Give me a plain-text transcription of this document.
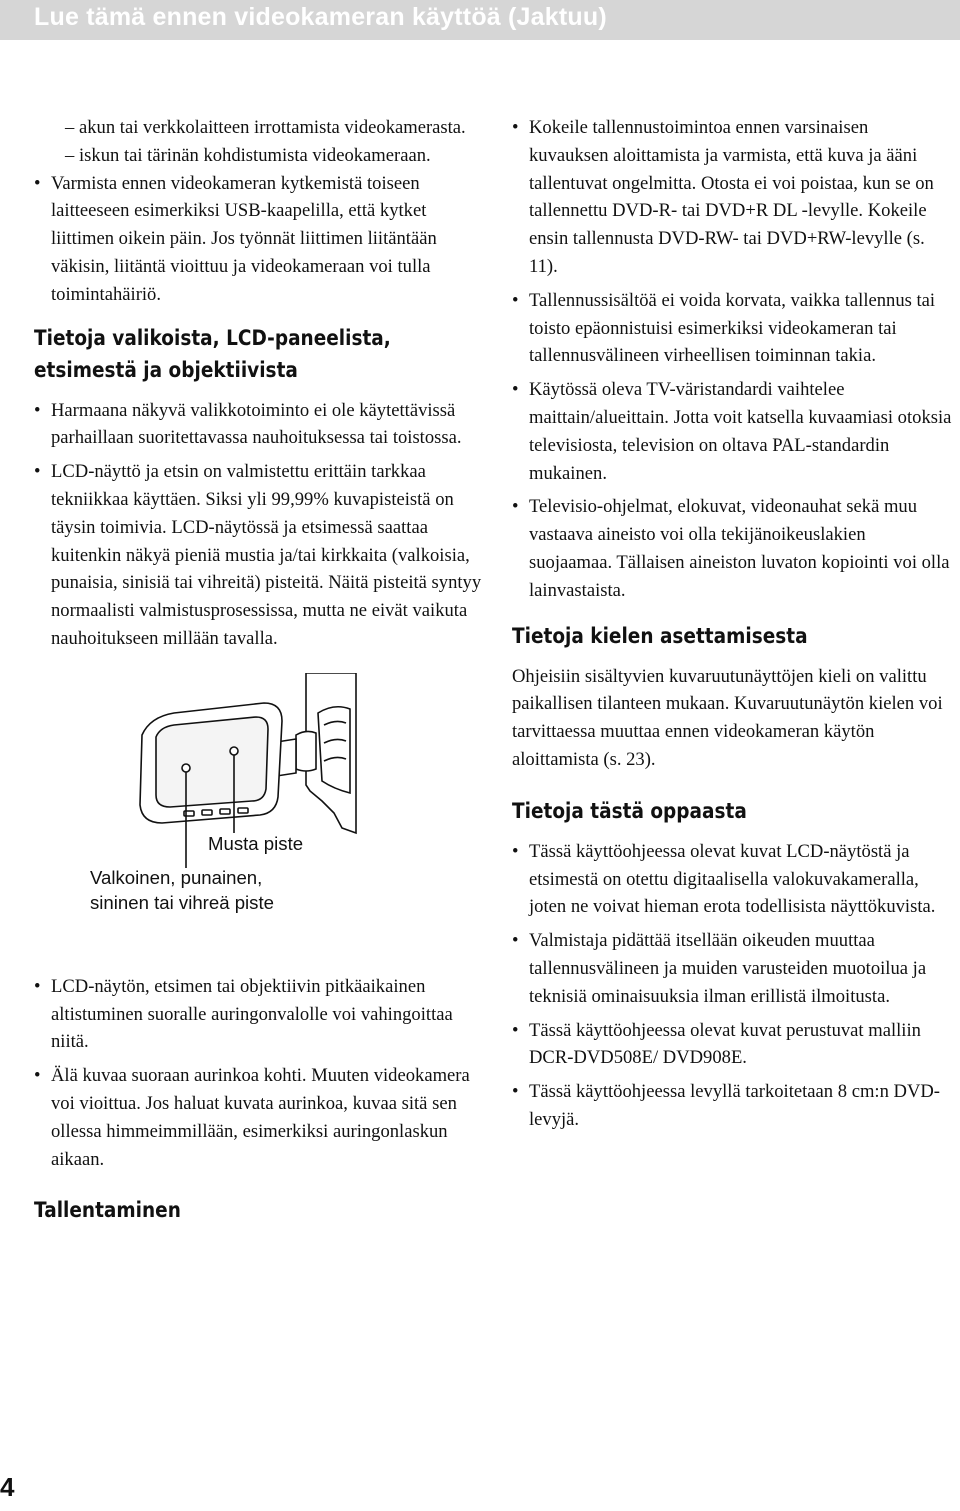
Lue tämä ennen videokameran käyttöä (Jaktuu)
– akun tai verkkolaitteen irrottamista videokamerasta.
– iskun tai tärinän kohdistumista videokameraan.
• Varmista ennen videokameran kytkemistä toiseen laitteeseen esimerkiksi USB-kaapelilla, että kytket liittimen oikein päin. Jos työnnät liittimen liitäntään väkisin, liitäntä vioittuu ja videokameraan voi tulla toimintahäiriö.
Tietoja valikoista, LCD-paneelista, etsimestä ja objektiivista
• Harmaana näkyvä valikkotoiminto ei ole käytettävissä parhaillaan suoritettavassa nauhoituksessa tai toistossa.
• LCD-näyttö ja etsin on valmistettu erittäin tarkkaa tekniikkaa käyttäen. Siksi yli 99,99% kuvapisteistä on täysin toimivia. LCD-näytössä ja etsimessä saattaa kuitenkin näkyä pieniä mustia ja/tai kirkkaita (valkoisia, punaisia, sinisiä tai vihreitä) pisteitä. Näitä pisteitä syntyy normaalisti valmistusprosessissa, mutta ne eivät vaikuta nauhoitukseen millään tavalla.
Musta piste
Valkoinen, punainen,
sininen tai vihreä piste
• LCD-näytön, etsimen tai objektiivin pitkäaikainen altistuminen suoralle auringonvalolle voi vahingoittaa niitä.
• Älä kuvaa suoraan aurinkoa kohti. Muuten videokamera voi vioittua. Jos haluat kuvata aurinkoa, kuvaa sitä sen ollessa himmeimmillään, esimerkiksi auringonlaskun aikaan.
Tallentaminen
• Kokeile tallennustoimintoa ennen varsinaisen kuvauksen aloittamista ja varmista, että kuva ja ääni tallentuvat ongelmitta. Otosta ei voi poistaa, kun se on tallennettu DVD-R- tai DVD+R DL -levylle. Kokeile ensin tallennusta DVD-RW- tai DVD+RW-levylle (s. 11).
• Tallennussisältöä ei voida korvata, vaikka tallennus tai toisto epäonnistuisi esimerkiksi videokameran tai tallennusvälineen virheellisen toiminnan takia.
• Käytössä oleva TV-väristandardi vaihtelee maittain/alueittain. Jotta voit katsella kuvaamiasi otoksia televisiosta, television on oltava PAL-standardin mukainen.
• Televisio-ohjelmat, elokuvat, videonauhat sekä muu vastaava aineisto voi olla tekijänoikeuslakien suojaamaa. Tällaisen aineiston luvaton kopiointi voi olla lainvastaista.
Tietoja kielen asettamisesta
Ohjeisiin sisältyvien kuvaruutunäyttöjen kieli on valittu paikallisen tilanteen mukaan. Kuvaruutunäytön kielen voi tarvittaessa muuttaa ennen videokameran käytön aloittamista (s. 23).
Tietoja tästä oppaasta
• Tässä käyttöohjeessa olevat kuvat LCD-näytöstä ja etsimestä on otettu digitaalisella valokuvakameralla, joten ne voivat hieman erota todellisista näyttökuvista.
• Valmistaja pidättää itsellään oikeuden muuttaa tallennusvälineen ja muiden varusteiden muotoilua ja teknisiä ominaisuuksia ilman erillistä ilmoitusta.
• Tässä käyttöohjeessa olevat kuvat perustuvat malliin DCR-DVD508E/ DVD908E.
• Tässä käyttöohjeessa levyllä tarkoitetaan 8 cm:n DVD-levyjä.
4
